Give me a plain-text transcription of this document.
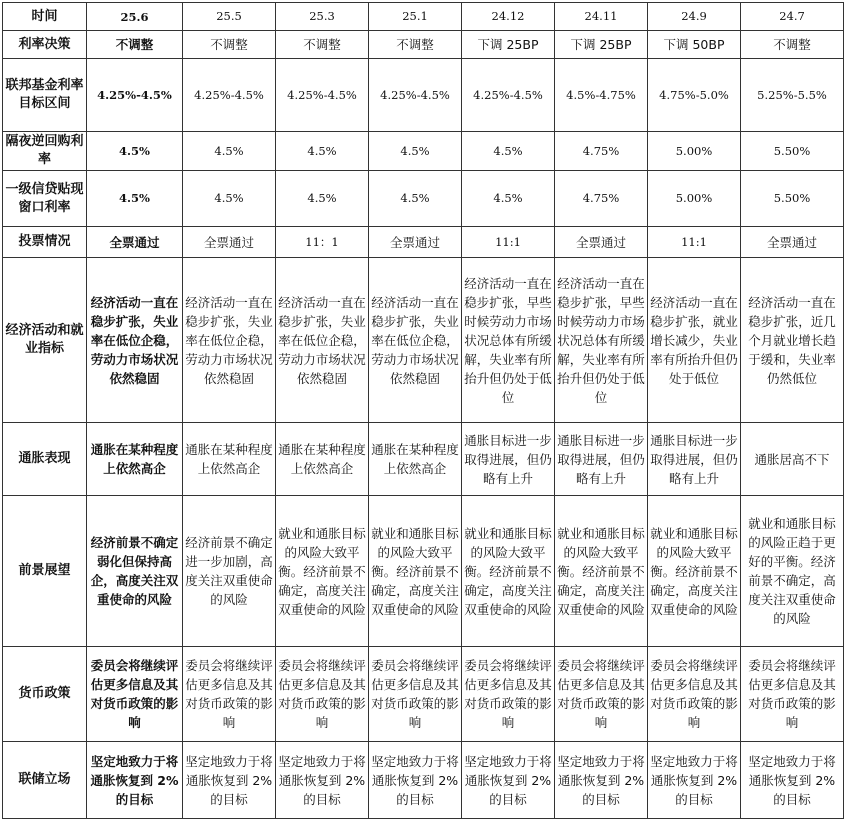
时间	25.6	25.5	25.3	25.1	24.12	24.11	24.9	24.7
利率决策	不调整	不调整	不调整	不调整	下调 25BP	下调 25BP	下调 50BP	不调整
联邦基金利率目标区间	4.25%-4.5%	4.25%-4.5%	4.25%-4.5%	4.25%-4.5%	4.25%-4.5%	4.5%-4.75%	4.75%-5.0%	5.25%-5.5%
隔夜逆回购利率	4.5%	4.5%	4.5%	4.5%	4.5%	4.75%	5.00%	5.50%
一级信贷贴现窗口利率	4.5%	4.5%	4.5%	4.5%	4.5%	4.75%	5.00%	5.50%
投票情况	全票通过	全票通过	11：1	全票通过	11:1	全票通过	11:1	全票通过
经济活动和就业指标	经济活动一直在稳步扩张，失业率在低位企稳，劳动力市场状况依然稳固	经济活动一直在稳步扩张，失业率在低位企稳，劳动力市场状况依然稳固	经济活动一直在稳步扩张，失业率在低位企稳，劳动力市场状况依然稳固	经济活动一直在稳步扩张，失业率在低位企稳，劳动力市场状况依然稳固	经济活动一直在稳步扩张，早些时候劳动力市场状况总体有所缓解，失业率有所抬升但仍处于低位	经济活动一直在稳步扩张，早些时候劳动力市场状况总体有所缓解，失业率有所抬升但仍处于低位	经济活动一直在稳步扩张，就业增长减少，失业率有所抬升但仍处于低位	经济活动一直在稳步扩张，近几个月就业增长趋于缓和，失业率仍然低位
通胀表现	通胀在某种程度上依然高企	通胀在某种程度上依然高企	通胀在某种程度上依然高企	通胀在某种程度上依然高企	通胀目标进一步取得进展，但仍略有上升	通胀目标进一步取得进展，但仍略有上升	通胀目标进一步取得进展，但仍略有上升	通胀居高不下
前景展望	经济前景不确定弱化但保持高企，高度关注双重使命的风险	经济前景不确定进一步加剧，高度关注双重使命的风险	就业和通胀目标的风险大致平衡。经济前景不确定，高度关注双重使命的风险	就业和通胀目标的风险大致平衡。经济前景不确定，高度关注双重使命的风险	就业和通胀目标的风险大致平衡。经济前景不确定，高度关注双重使命的风险	就业和通胀目标的风险大致平衡。经济前景不确定，高度关注双重使命的风险	就业和通胀目标的风险大致平衡。经济前景不确定，高度关注双重使命的风险	就业和通胀目标的风险正趋于更好的平衡。经济前景不确定，高度关注双重使命的风险
货币政策	委员会将继续评估更多信息及其对货币政策的影响	委员会将继续评估更多信息及其对货币政策的影响	委员会将继续评估更多信息及其对货币政策的影响	委员会将继续评估更多信息及其对货币政策的影响	委员会将继续评估更多信息及其对货币政策的影响	委员会将继续评估更多信息及其对货币政策的影响	委员会将继续评估更多信息及其对货币政策的影响	委员会将继续评估更多信息及其对货币政策的影响
联储立场	坚定地致力于将通胀恢复到 2%的目标	坚定地致力于将通胀恢复到 2%的目标	坚定地致力于将通胀恢复到 2%的目标	坚定地致力于将通胀恢复到 2%的目标	坚定地致力于将通胀恢复到 2%的目标	坚定地致力于将通胀恢复到 2%的目标	坚定地致力于将通胀恢复到 2%的目标	坚定地致力于将通胀恢复到 2%的目标
